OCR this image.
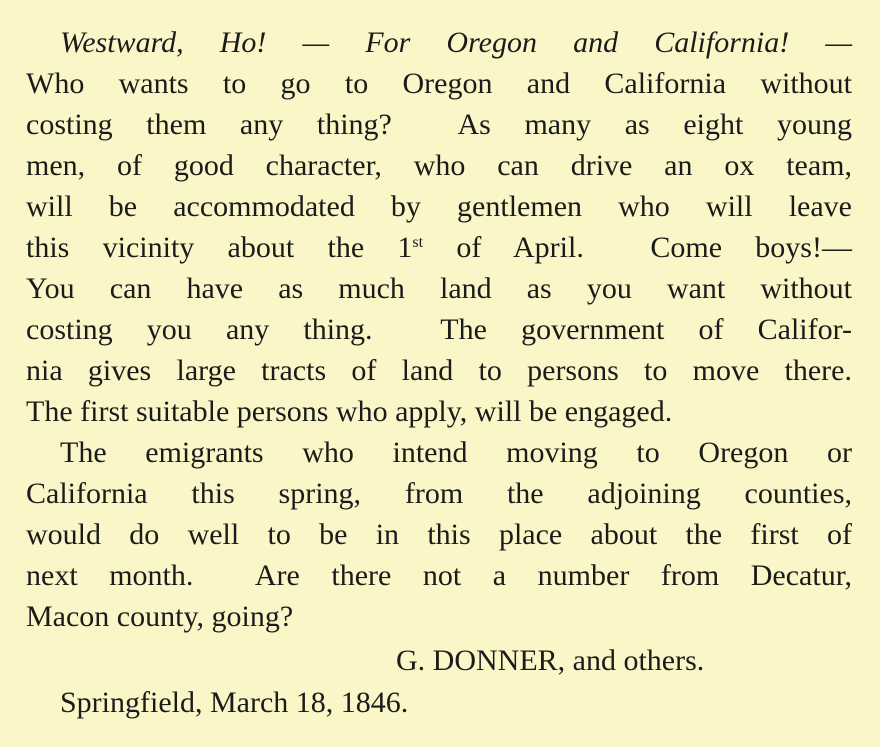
Westward, Ho! — For Oregon and California! —
Who wants to go to Oregon and California without
costing them any thing?  As many as eight young
men, of good character, who can drive an ox team,
will be accommodated by gentlemen who will leave
this vicinity about the 1st of April.  Come boys!—
You can have as much land as you want without
costing you any thing.  The government of Califor-
nia gives large tracts of land to persons to move there.
The first suitable persons who apply, will be engaged.
The emigrants who intend moving to Oregon or
California this spring, from the adjoining counties,
would do well to be in this place about the first of
next month.  Are there not a number from Decatur,
Macon county, going?
G. DONNER, and others.
Springfield, March 18, 1846.
